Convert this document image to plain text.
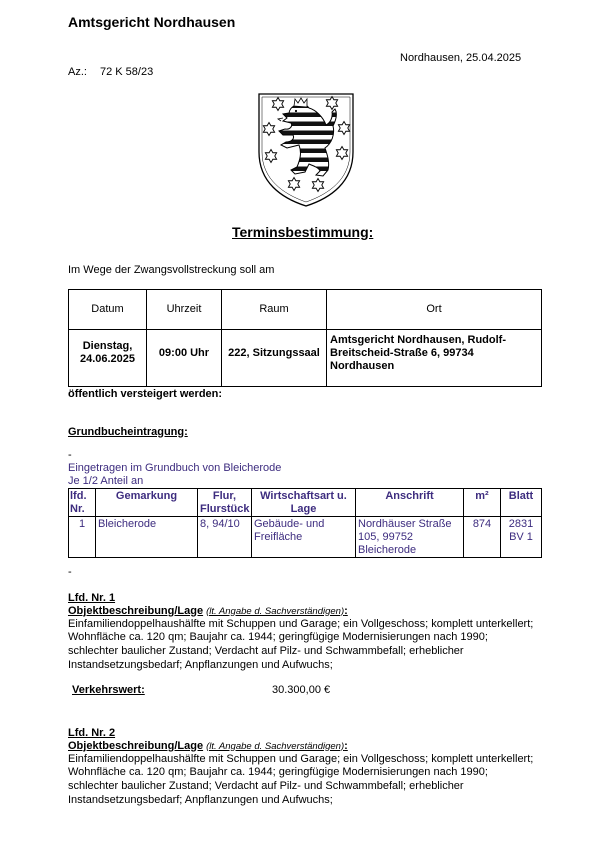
Amtsgericht Nordhausen
Nordhausen, 25.04.2025
Az.: 72 K 58/23
Terminsbestimmung:
Im Wege der Zwangsvollstreckung soll am
Datum	Uhrzeit	Raum	Ort
Dienstag, 24.06.2025	09:00 Uhr	222, Sitzungssaal	Amtsgericht Nordhausen, Rudolf-Breitscheid-Straße 6, 99734 Nordhausen
öffentlich versteigert werden:
Grundbucheintragung:
-
Eingetragen im Grundbuch von Bleicherode
Je 1/2 Anteil an
lfd.Nr.	Gemarkung	Flur, Flurstück	Wirtschaftsart u. Lage	Anschrift	m²	Blatt
1	Bleicherode	8, 94/10	Gebäude- und Freifläche	Nordhäuser Straße 105, 99752 Bleicherode	874	2831 BV 1
-
Lfd. Nr. 1
Objektbeschreibung/Lage (lt. Angabe d. Sachverständigen):
Einfamiliendoppelhaushälfte mit Schuppen und Garage; ein Vollgeschoss; komplett unterkellert;
Wohnfläche ca. 120 qm; Baujahr ca. 1944; geringfügige Modernisierungen nach 1990;
schlechter baulicher Zustand; Verdacht auf Pilz- und Schwammbefall; erheblicher
Instandsetzungsbedarf; Anpflanzungen und Aufwuchs;
Verkehrswert:	30.300,00 €
Lfd. Nr. 2
Objektbeschreibung/Lage (lt. Angabe d. Sachverständigen):
Einfamiliendoppelhaushälfte mit Schuppen und Garage; ein Vollgeschoss; komplett unterkellert;
Wohnfläche ca. 120 qm; Baujahr ca. 1944; geringfügige Modernisierungen nach 1990;
schlechter baulicher Zustand; Verdacht auf Pilz- und Schwammbefall; erheblicher
Instandsetzungsbedarf; Anpflanzungen und Aufwuchs;
